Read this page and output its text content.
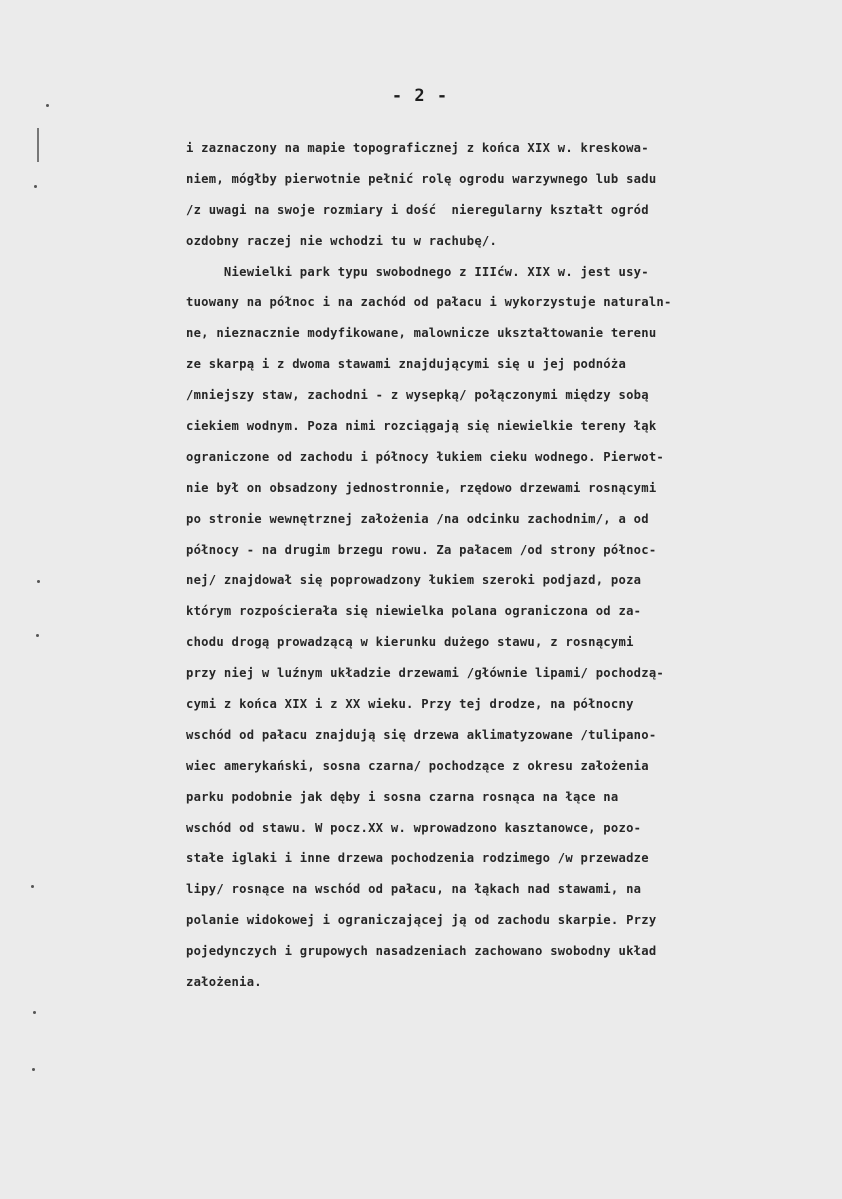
- 2 -
i zaznaczony na mapie topograficznej z końca XIX w. kreskowa-
niem, mógłby pierwotnie pełnić rolę ogrodu warzywnego lub sadu
/z uwagi na swoje rozmiary i dość  nieregularny kształt ogród
ozdobny raczej nie wchodzi tu w rachubę/.
Niewielki park typu swobodnego z IIIćw. XIX w. jest usy-
tuowany na północ i na zachód od pałacu i wykorzystuje naturaln-
ne, nieznacznie modyfikowane, malownicze ukształtowanie terenu
ze skarpą i z dwoma stawami znajdującymi się u jej podnóża
/mniejszy staw, zachodni - z wysepką/ połączonymi między sobą
ciekiem wodnym. Poza nimi rozciągają się niewielkie tereny łąk
ograniczone od zachodu i północy łukiem cieku wodnego. Pierwot-
nie był on obsadzony jednostronnie, rzędowo drzewami rosnącymi
po stronie wewnętrznej założenia /na odcinku zachodnim/, a od
północy - na drugim brzegu rowu. Za pałacem /od strony północ-
nej/ znajdował się poprowadzony łukiem szeroki podjazd, poza
którym rozpościerała się niewielka polana ograniczona od za-
chodu drogą prowadzącą w kierunku dużego stawu, z rosnącymi
przy niej w luźnym układzie drzewami /głównie lipami/ pochodzą-
cymi z końca XIX i z XX wieku. Przy tej drodze, na północny
wschód od pałacu znajdują się drzewa aklimatyzowane /tulipano-
wiec amerykański, sosna czarna/ pochodzące z okresu założenia
parku podobnie jak dęby i sosna czarna rosnąca na łące na
wschód od stawu. W pocz.XX w. wprowadzono kasztanowce, pozo-
stałe iglaki i inne drzewa pochodzenia rodzimego /w przewadze
lipy/ rosnące na wschód od pałacu, na łąkach nad stawami, na
polanie widokowej i ograniczającej ją od zachodu skarpie. Przy
pojedynczych i grupowych nasadzeniach zachowano swobodny układ
założenia.
